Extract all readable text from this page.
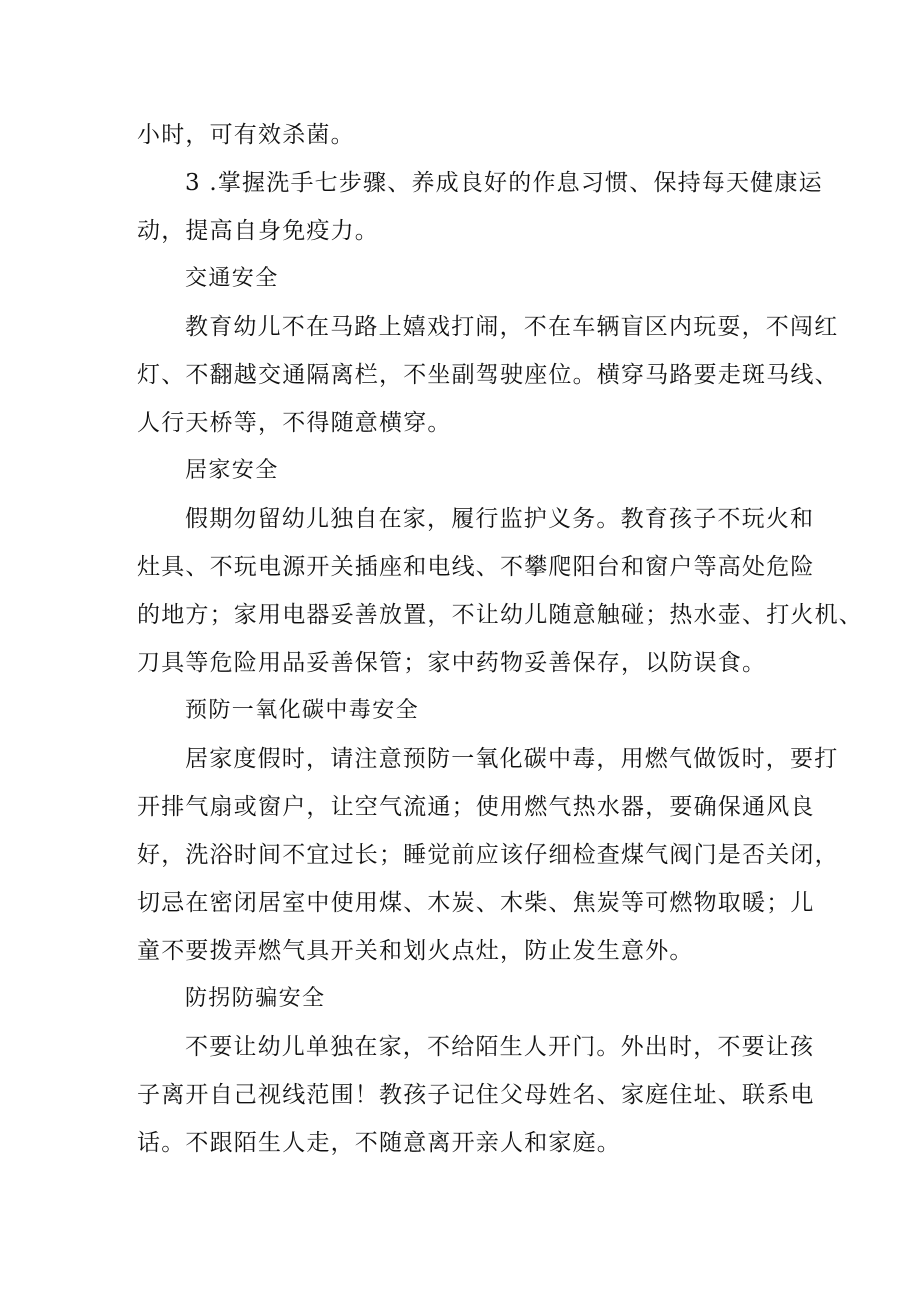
小时，可有效杀菌。
3 .掌握洗手七步骤、养成良好的作息习惯、保持每天健康运
动，提高自身免疫力。
交通安全
教育幼儿不在马路上嬉戏打闹，不在车辆盲区内玩耍，不闯红
灯、不翻越交通隔离栏，不坐副驾驶座位。横穿马路要走斑马线、
人行天桥等，不得随意横穿。
居家安全
假期勿留幼儿独自在家，履行监护义务。教育孩子不玩火和
灶具、不玩电源开关插座和电线、不攀爬阳台和窗户等高处危险
的地方；家用电器妥善放置，不让幼儿随意触碰；热水壶、打火机、
刀具等危险用品妥善保管；家中药物妥善保存，以防误食。
预防一氧化碳中毒安全
居家度假时，请注意预防一氧化碳中毒，用燃气做饭时，要打
开排气扇或窗户，让空气流通；使用燃气热水器，要确保通风良
好，洗浴时间不宜过长；睡觉前应该仔细检查煤气阀门是否关闭，
切忌在密闭居室中使用煤、木炭、木柴、焦炭等可燃物取暖；儿
童不要拨弄燃气具开关和划火点灶，防止发生意外。
防拐防骗安全
不要让幼儿单独在家，不给陌生人开门。外出时，不要让孩
子离开自己视线范围！教孩子记住父母姓名、家庭住址、联系电
话。不跟陌生人走，不随意离开亲人和家庭。
